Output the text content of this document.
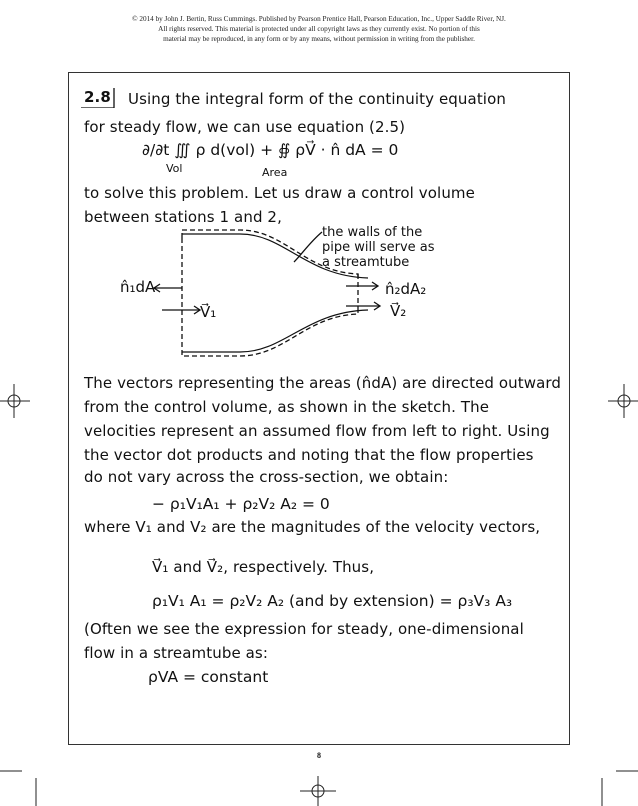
© 2014 by John J. Bertin, Russ Cummings. Published by Pearson Prentice Hall, Pearson Education, Inc., Upper Saddle River, NJ.
All rights reserved. This material is protected under all copyright laws as they currently exist. No portion of this
material may be reproduced, in any form or by any means, without permission in writing from the publisher.
2.8 Using the integral form of the continuity equation
for steady flow, we can use equation (2.5)
∂/∂t ∭ ρ d(vol) + ∯ ρV⃗ · n̂ dA = 0
Vol	Area
to solve this problem. Let us draw a control volume
between stations 1 and 2,
the walls of the
pipe will serve as
a streamtube
n̂₁dA
V⃗₁
n̂₂dA₂
V⃗₂
The vectors representing the areas (n̂dA) are directed outward
from the control volume, as shown in the sketch. The
velocities represent an assumed flow from left to right. Using
the vector dot products and noting that the flow properties
do not vary across the cross-section, we obtain:
− ρ₁V₁A₁ + ρ₂V₂ A₂ = 0
where V₁ and V₂ are the magnitudes of the velocity vectors,
V⃗₁ and V⃗₂, respectively. Thus,
ρ₁V₁ A₁ = ρ₂V₂ A₂ (and by extension) = ρ₃V₃ A₃
(Often we see the expression for steady, one-dimensional
flow in a streamtube as:
ρVA = constant
8
